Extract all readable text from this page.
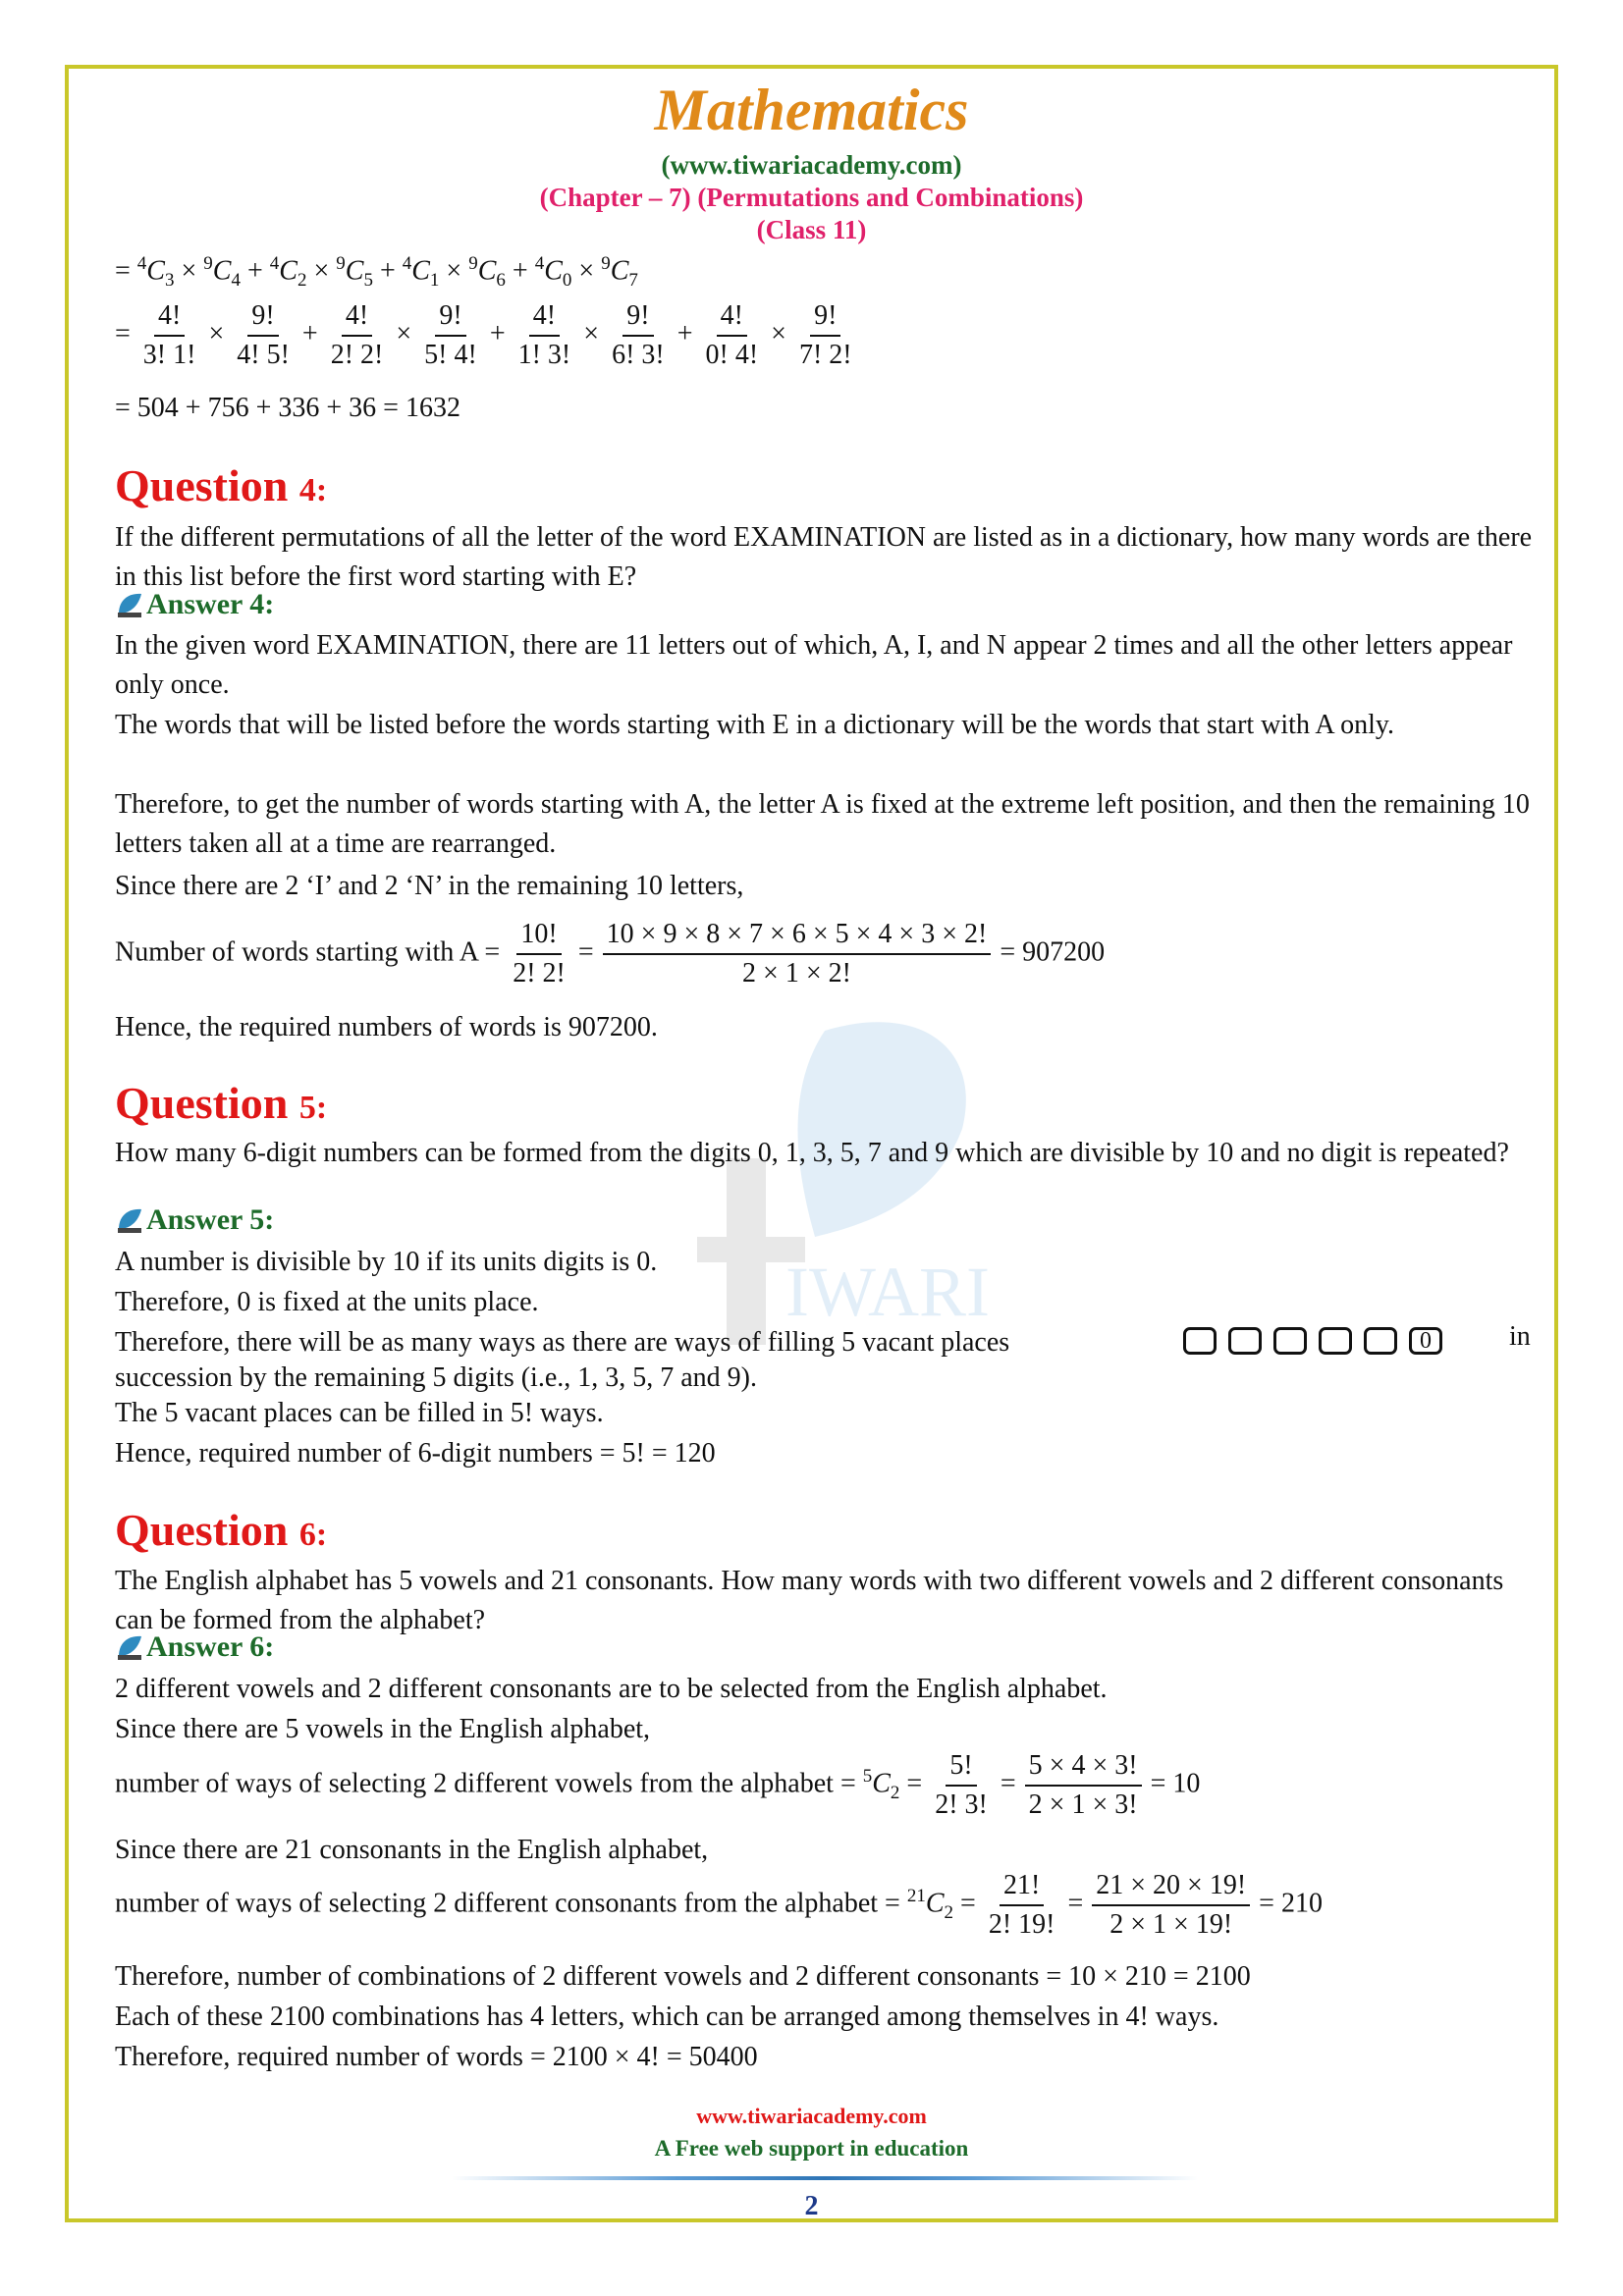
IWARI
Mathematics
(www.tiwariacademy.com)
(Chapter – 7) (Permutations and Combinations)
(Class 11)
= $^4C_3 \times ^9C_4 + ^4C_2 \times ^9C_5 + ^4C_1 \times ^9C_6 + ^4C_0 \times ^9C_7$
= $\frac{4!}{3! 1!} \times \frac{9!}{4! 5!} + \frac{4!}{2! 2!} \times \frac{9!}{5! 4!} + \frac{4!}{1! 3!} \times \frac{9!}{6! 3!} + \frac{4!}{0! 4!} \times \frac{9!}{7! 2!}$
= 504 + 756 + 336 + 36 = 1632
Question 4:
If the different permutations of all the letter of the word EXAMINATION are listed as in a dictionary, how many words are there in this list before the first word starting with E?
Answer 4:
In the given word EXAMINATION, there are 11 letters out of which, A, I, and N appear 2 times and all the other letters appear only once.
The words that will be listed before the words starting with E in a dictionary will be the words that start with A only.
Therefore, to get the number of words starting with A, the letter A is fixed at the extreme left position, and then the remaining 10 letters taken all at a time are rearranged.
Since there are 2 ‘I’ and 2 ‘N’ in the remaining 10 letters,
Number of words starting with $A = \frac{10!}{2! 2!} = \frac{10 \times 9 \times 8 \times 7 \times 6 \times 5 \times 4 \times 3 \times 2!}{2 \times 1 \times 2!} = 907200$
Hence, the required numbers of words is 907200.
Question 5:
How many 6-digit numbers can be formed from the digits 0, 1, 3, 5, 7 and 9 which are divisible by 10 and no digit is repeated?
Answer 5:
A number is divisible by 10 if its units digits is 0.
Therefore, 0 is fixed at the units place.
Therefore, there will be as many ways as there are ways of filling 5 vacant places	0	in
succession by the remaining 5 digits (i.e., 1, 3, 5, 7 and 9).
The 5 vacant places can be filled in 5! ways.
Hence, required number of 6-digit numbers = 5! = 120
Question 6:
The English alphabet has 5 vowels and 21 consonants. How many words with two different vowels and 2 different consonants can be formed from the alphabet?
Answer 6:
2 different vowels and 2 different consonants are to be selected from the English alphabet.
Since there are 5 vowels in the English alphabet,
number of ways of selecting 2 different vowels from the alphabet = $^5C_2 = \frac{5!}{2! 3!} = \frac{5 \times 4 \times 3!}{2 \times 1 \times 3!} = 10$
Since there are 21 consonants in the English alphabet,
number of ways of selecting 2 different consonants from the alphabet = $^{21}C_2 = \frac{21!}{2! 19!} = \frac{21 \times 20 \times 19!}{2 \times 1 \times 19!} = 210$
Therefore, number of combinations of 2 different vowels and 2 different consonants = 10 × 210 = 2100
Each of these 2100 combinations has 4 letters, which can be arranged among themselves in 4! ways.
Therefore, required number of words = 2100 × 4! = 50400
www.tiwariacademy.com
A Free web support in education
2
